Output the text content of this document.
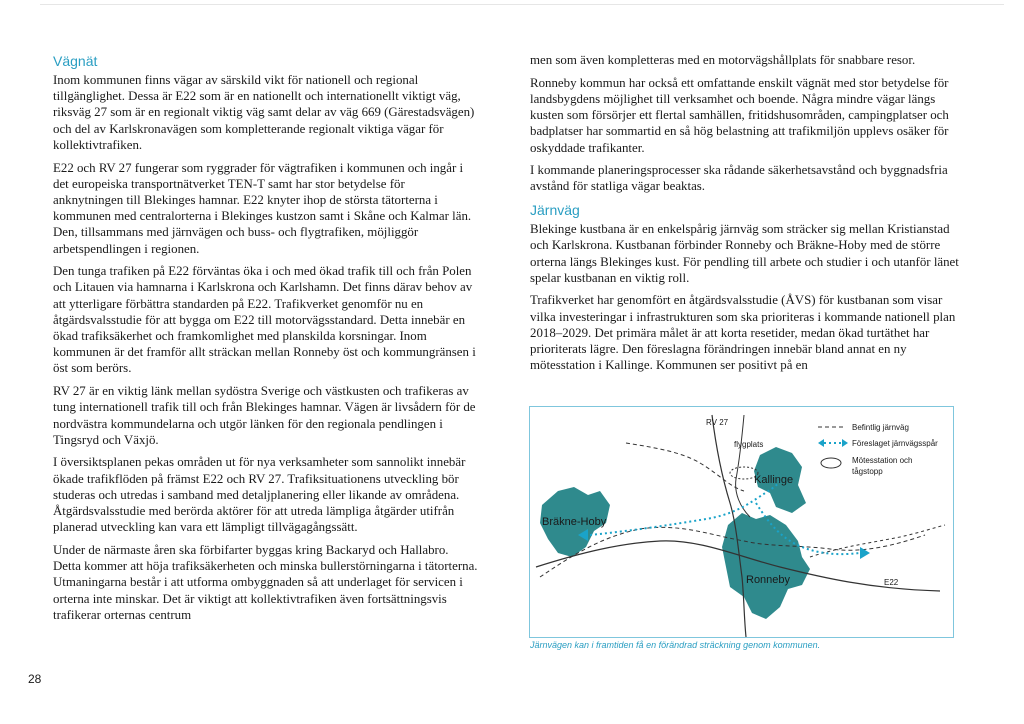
Vägnät

Inom kommunen finns vägar av särskild vikt för nationell och regional tillgänglighet. Dessa är E22 som är en nationellt och internationellt viktigt väg, riksväg 27 som är en regionalt viktig väg samt delar av väg 669 (Gärestadsvägen) och del av Karlskronavägen som kompletterande regionalt viktiga vägar för kollektivtrafiken.

E22 och RV 27 fungerar som ryggrader för vägtrafiken i kommunen och ingår i det europeiska transportnätverket TEN-T samt har stor betydelse för anknytningen till Blekinges hamnar. E22 knyter ihop de största tätorterna i kommunen med centralorterna i Blekinges kustzon samt i Skåne och Kalmar län. Den, tillsammans med järnvägen och buss- och flygtrafiken, möjliggör arbetspendlingen i regionen.

Den tunga trafiken på E22 förväntas öka i och med ökad trafik till och från Polen och Litauen via hamnarna i Karlskrona och Karlshamn. Det finns därav behov av att ytterligare förbättra standarden på E22. Trafikverket genomför nu en åtgärdsvalsstudie för att bygga om E22 till motorvägsstandard. Detta innebär en ökad trafiksäkerhet och framkomlighet med planskilda korsningar. Inom kommunen är det framför allt sträckan mellan Ronneby öst och kommungränsen i öst som berörs.

RV 27 är en viktig länk mellan sydöstra Sverige och västkusten och trafikeras av tung internationell trafik till och från Blekinges hamnar. Vägen är livsådern för de nordvästra kommundelarna och utgör länken för den regionala pendlingen i Tingsryd och Växjö.

I översiktsplanen pekas områden ut för nya verksamheter som sannolikt innebär ökade trafikflöden på främst E22 och RV 27. Trafiksituationens utveckling bör studeras och utredas i samband med detaljplanering eller likande av områdena. Åtgärdsvalsstudie med berörda aktörer för att utreda lämpliga åtgärder utifrån planerad utveckling kan vara ett lämpligt tillvägagångssätt.

Under de närmaste åren ska förbifarter byggas kring Backaryd och Hallabro. Detta kommer att höja trafiksäkerheten och minska bullerstörningarna i tätorterna. Utmaningarna består i att utforma ombyggnaden så att underlaget för servicen i orterna inte minskar. Det är viktigt att kollektivtrafiken även fortsättningsvis trafikerar orternas centrum

men som även kompletteras med en motorvägshållplats för snabbare resor.

Ronneby kommun har också ett omfattande enskilt vägnät med stor betydelse för landsbygdens möjlighet till verksamhet och boende. Några mindre vägar längs kusten som försörjer ett flertal samhällen, fritidshusområden, campingplatser och badplatser har sommartid en så hög belastning att trafikmiljön upplevs osäker för oskyddade trafikanter.

I kommande planeringsprocesser ska rådande säkerhetsavstånd och byggnadsfria avstånd för statliga vägar beaktas.

Järnväg

Blekinge kustbana är en enkelspårig järnväg som sträcker sig mellan Kristianstad och Karlskrona. Kustbanan förbinder Ronneby och Bräkne-Hoby med de större orterna längs Blekinges kust. För pendling till arbete och studier i och utanför länet spelar kustbanan en viktig roll.

Trafikverket har genomfört en åtgärdsvalsstudie (ÅVS) för kustbanan som visar vilka investeringar i infrastrukturen som ska prioriteras i kommande nationell plan 2018–2029. Det primära målet är att korta resetider, medan ökad turtäthet har prioriterats lägre. Den föreslagna förändringen innebär bland annat en ny mötesstation i Kallinge. Kommunen ser positivt på en

RV 27
flygplats
Kallinge
Bräkne-Hoby
Ronneby	E22
Befintlig järnväg
Föreslaget järnvägsspår
Mötesstation och
tågstopp
Järnvägen kan i framtiden få en förändrad sträckning genom kommunen.
28
